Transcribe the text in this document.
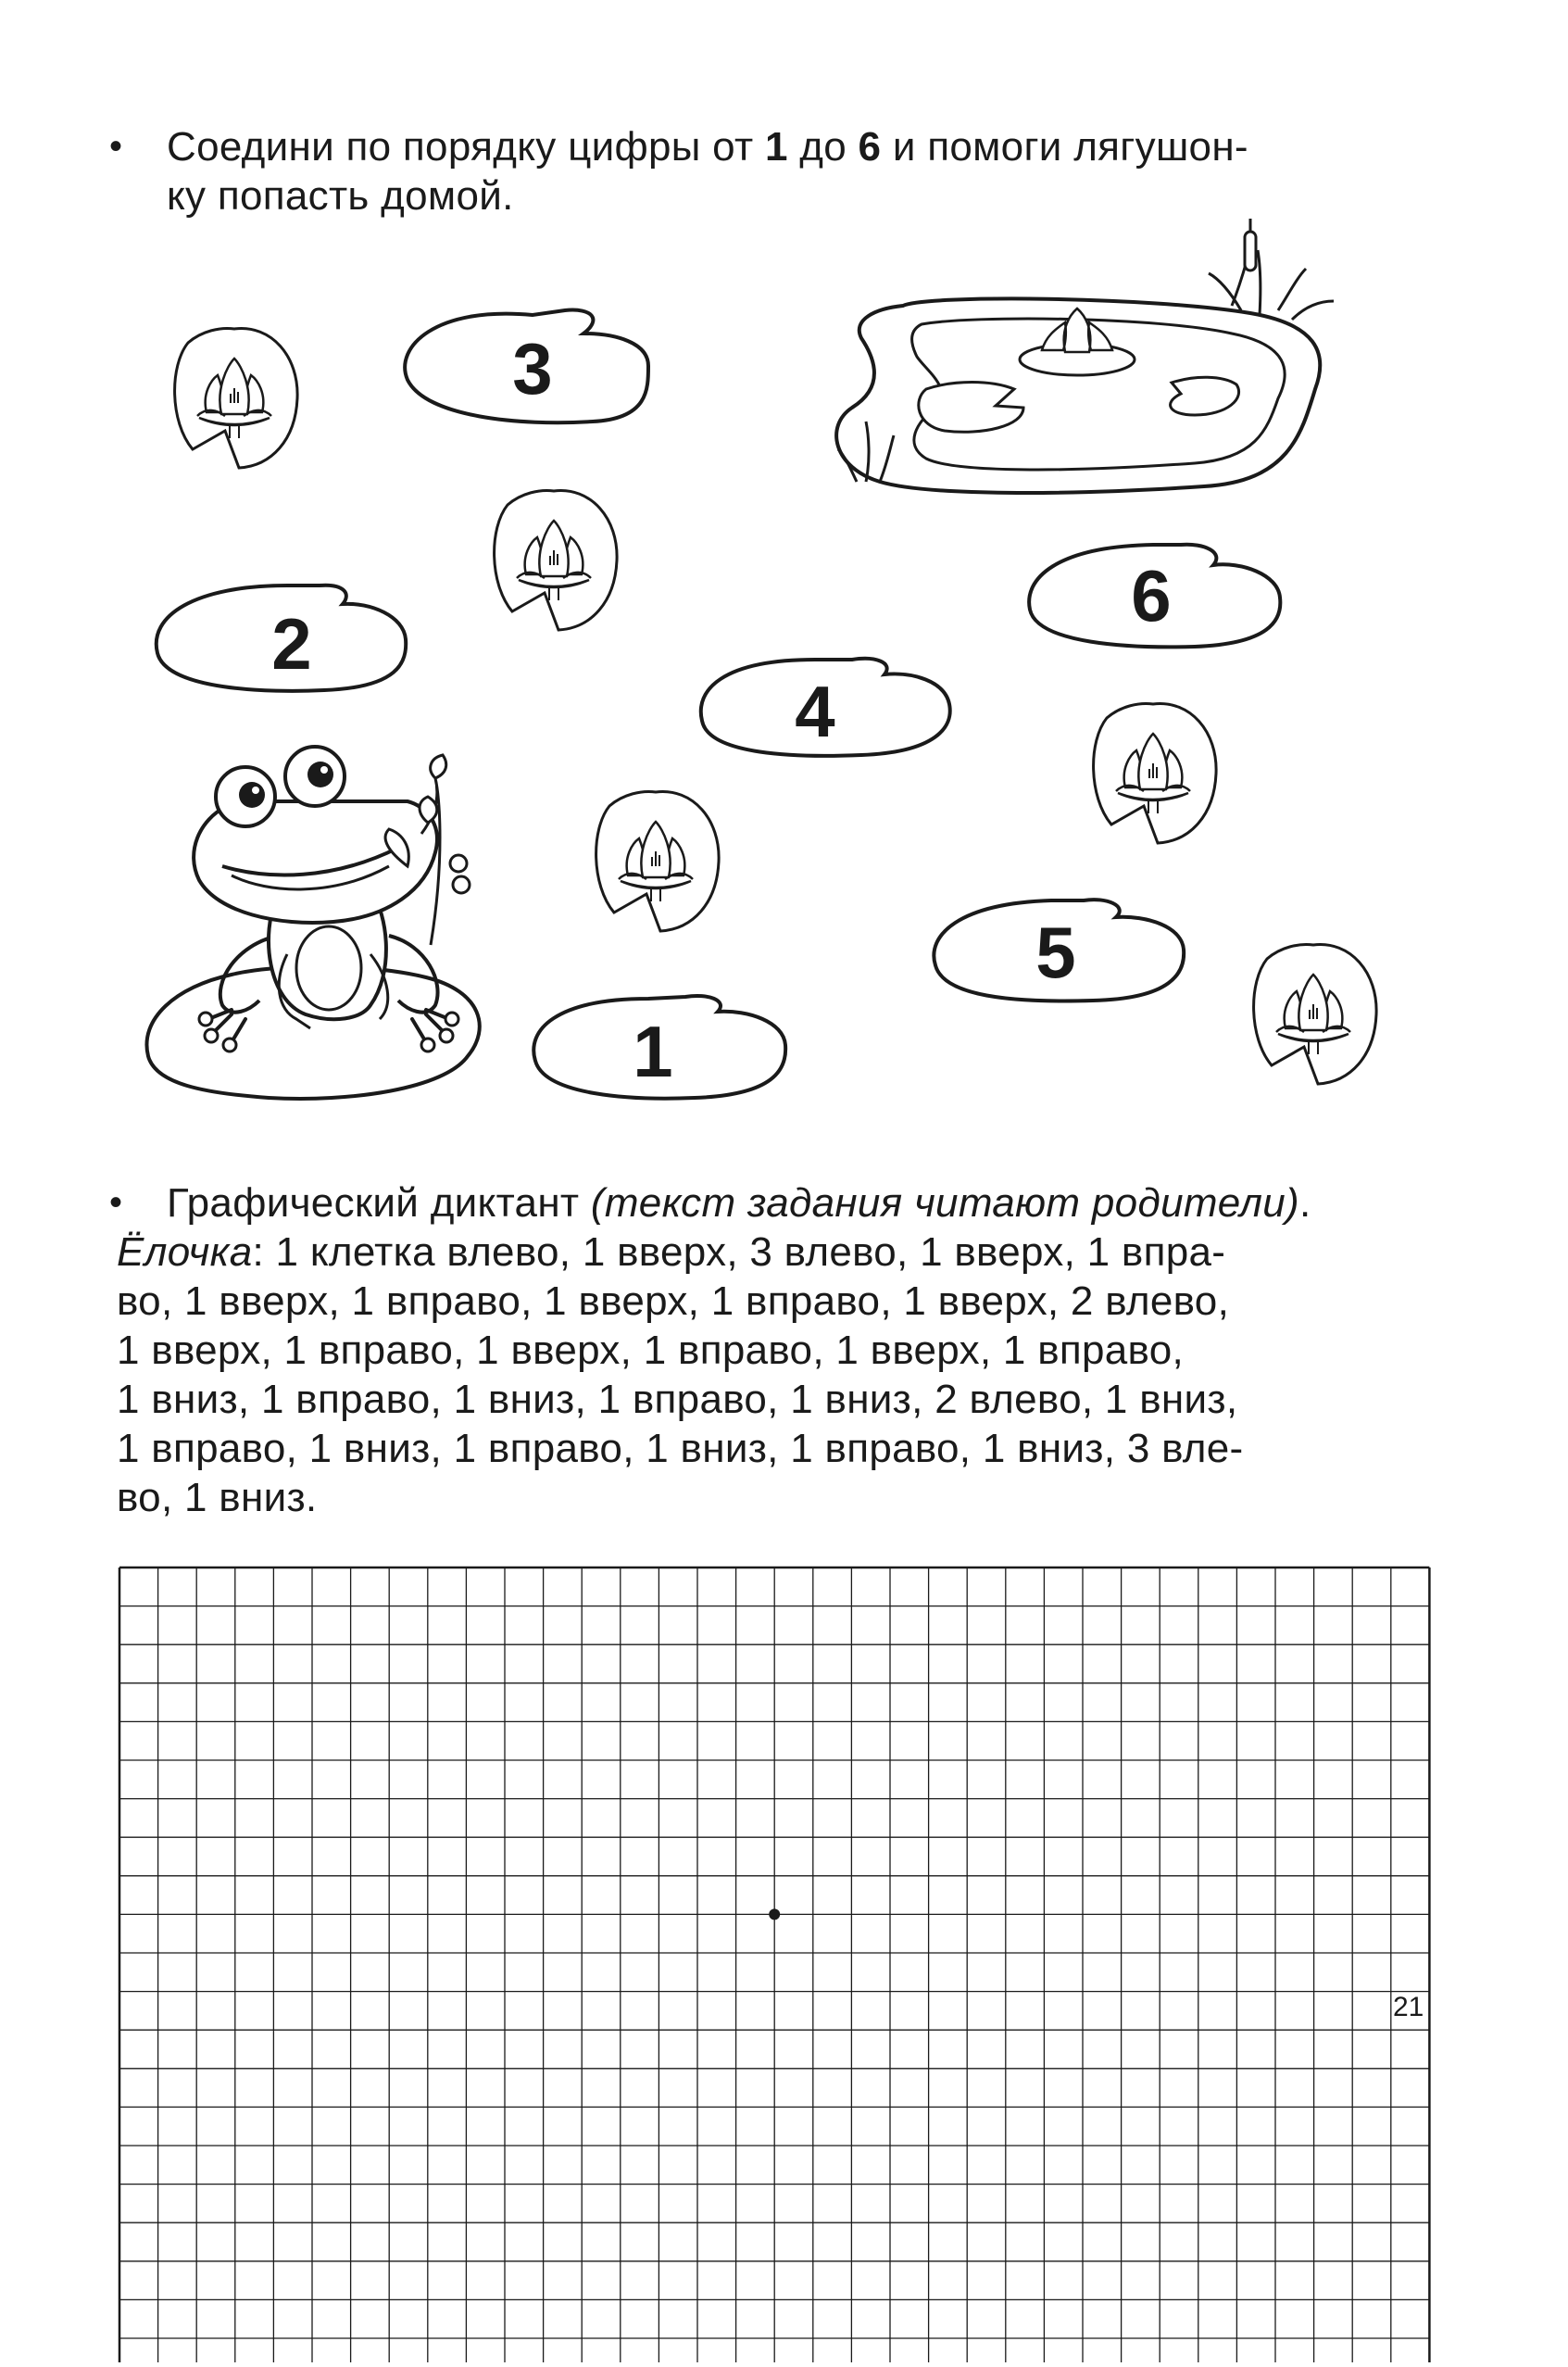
•	Соедини по порядку цифры от 1 до 6 и помоги лягушон-
ку попасть домой.
3
2
6
4
5
1
•	Графический диктант (текст задания читают родители).
Ёлочка: 1 клетка влево, 1 вверх, 3 влево, 1 вверх, 1 впра-
во, 1 вверх, 1 вправо, 1 вверх, 1 вправо, 1 вверх, 2 влево,
1 вверх, 1 вправо, 1 вверх, 1 вправо, 1 вверх, 1 вправо,
1 вниз, 1 вправо, 1 вниз, 1 вправо, 1 вниз, 2 влево, 1 вниз,
1 вправо, 1 вниз, 1 вправо, 1 вниз, 1 вправо, 1 вниз, 3 вле-
во, 1 вниз.
21
